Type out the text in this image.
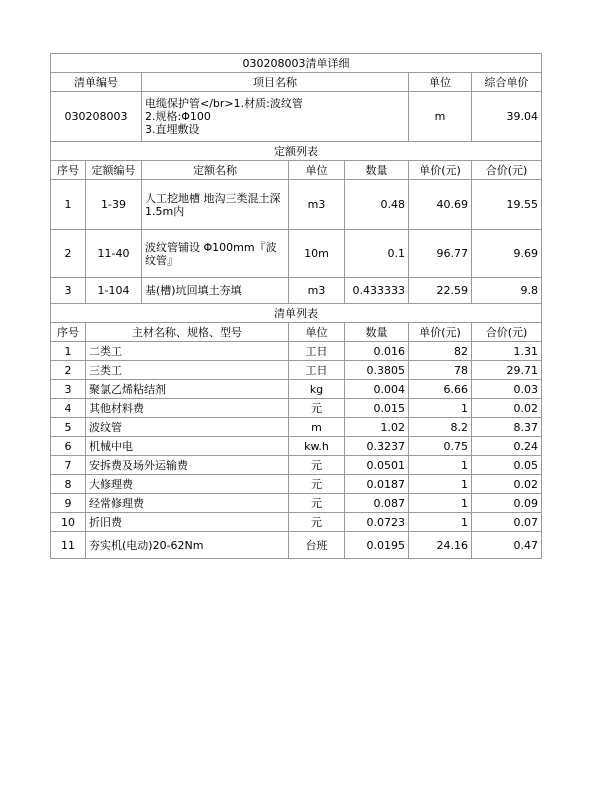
030208003清单详细						
清单编号		项目名称			单位	综合单价
030208003		电缆保护管</br>1.材质:波纹管
2.规格:Φ100
3.直埋敷设			m	39.04
定额列表						
序号	定额编号	定额名称	单位	数量	单价(元)	合价(元)
1	1-39	人工挖地槽 地沟三类混土深1.5m内	m3	0.48	40.69	19.55
2	11-40	波纹管铺设 Φ100mm『波纹管』	10m	0.1	96.77	9.69
3	1-104	基(槽)坑回填土夯填	m3	0.433333	22.59	9.8
清单列表						
序号	主材名称、规格、型号		单位	数量	单价(元)	合价(元)
1	二类工		工日	0.016	82	1.31
2	三类工		工日	0.3805	78	29.71
3	聚氯乙烯粘结剂		kg	0.004	6.66	0.03
4	其他材料费		元	0.015	1	0.02
5	波纹管		m	1.02	8.2	8.37
6	机械中电		kw.h	0.3237	0.75	0.24
7	安拆费及场外运输费		元	0.0501	1	0.05
8	大修理费		元	0.0187	1	0.02
9	经常修理费		元	0.087	1	0.09
10	折旧费		元	0.0723	1	0.07
11	夯实机(电动)20-62Nm		台班	0.0195	24.16	0.47
